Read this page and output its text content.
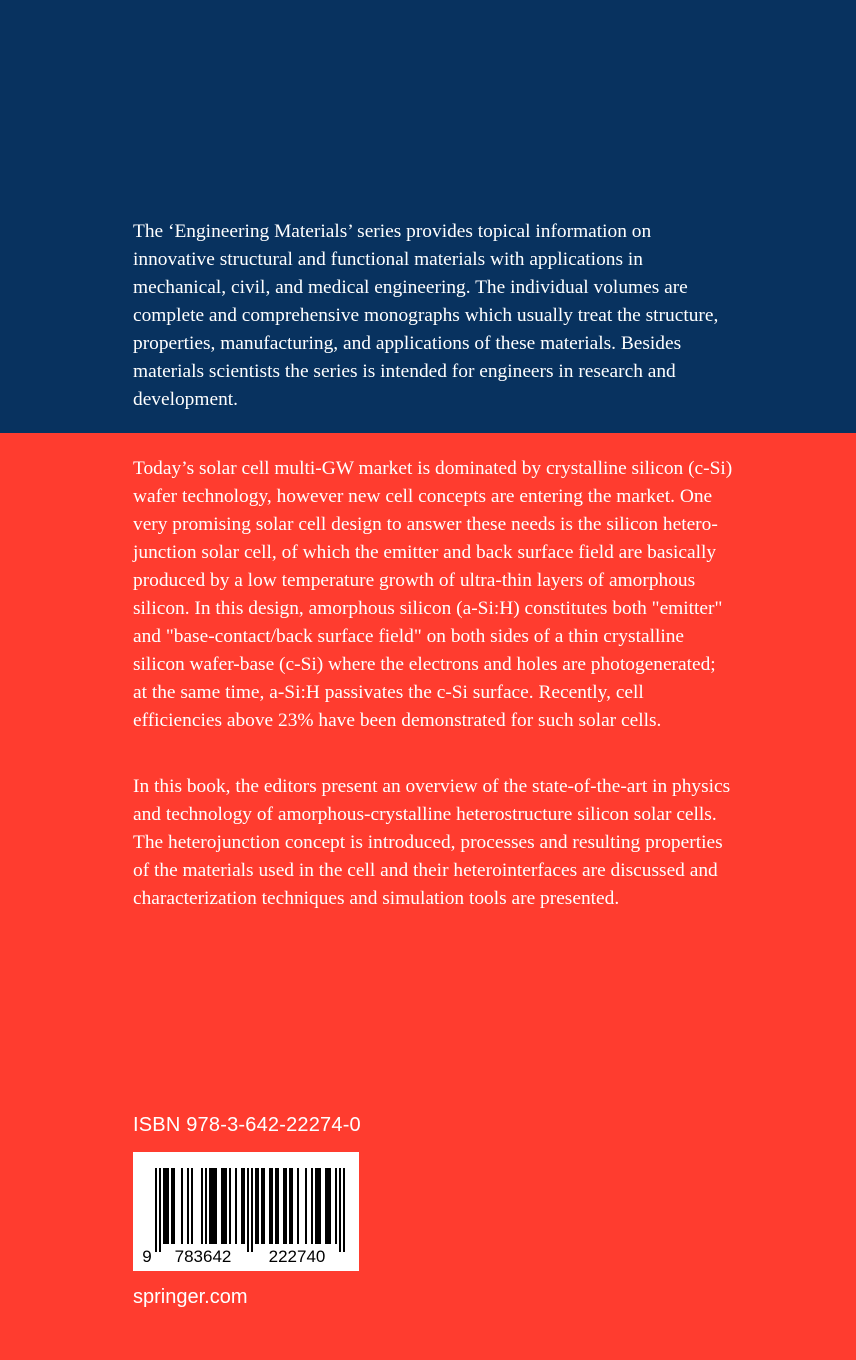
The ‘Engineering Materials’ series provides topical information on innovative structural and functional materials with applications in mechanical, civil, and medical engineering. The individual volumes are complete and comprehensive monographs which usually treat the structure, properties, manufacturing, and applications of these materials. Besides materials scientists the series is intended for engineers in research and development.

Today’s solar cell multi-GW market is dominated by crystalline silicon (c-Si) wafer technology, however new cell concepts are entering the market. One very promising solar cell design to answer these needs is the silicon hetero-junction solar cell, of which the emitter and back surface field are basically produced by a low temperature growth of ultra-thin layers of amorphous silicon. In this design, amorphous silicon (a-Si:H) constitutes both "emitter" and "base-contact/back surface field" on both sides of a thin crystalline silicon wafer-base (c-Si) where the electrons and holes are photogenerated; at the same time, a-Si:H passivates the c-Si surface. Recently, cell efficiencies above 23% have been demonstrated for such solar cells.

In this book, the editors present an overview of the state-of-the-art in physics and technology of amorphous-crystalline heterostructure silicon solar cells. The heterojunction concept is introduced, processes and resulting properties of the materials used in the cell and their heterointerfaces are discussed and characterization techniques and simulation tools are presented.

ISBN 978-3-642-22274-0
9 783642 222740
springer.com
